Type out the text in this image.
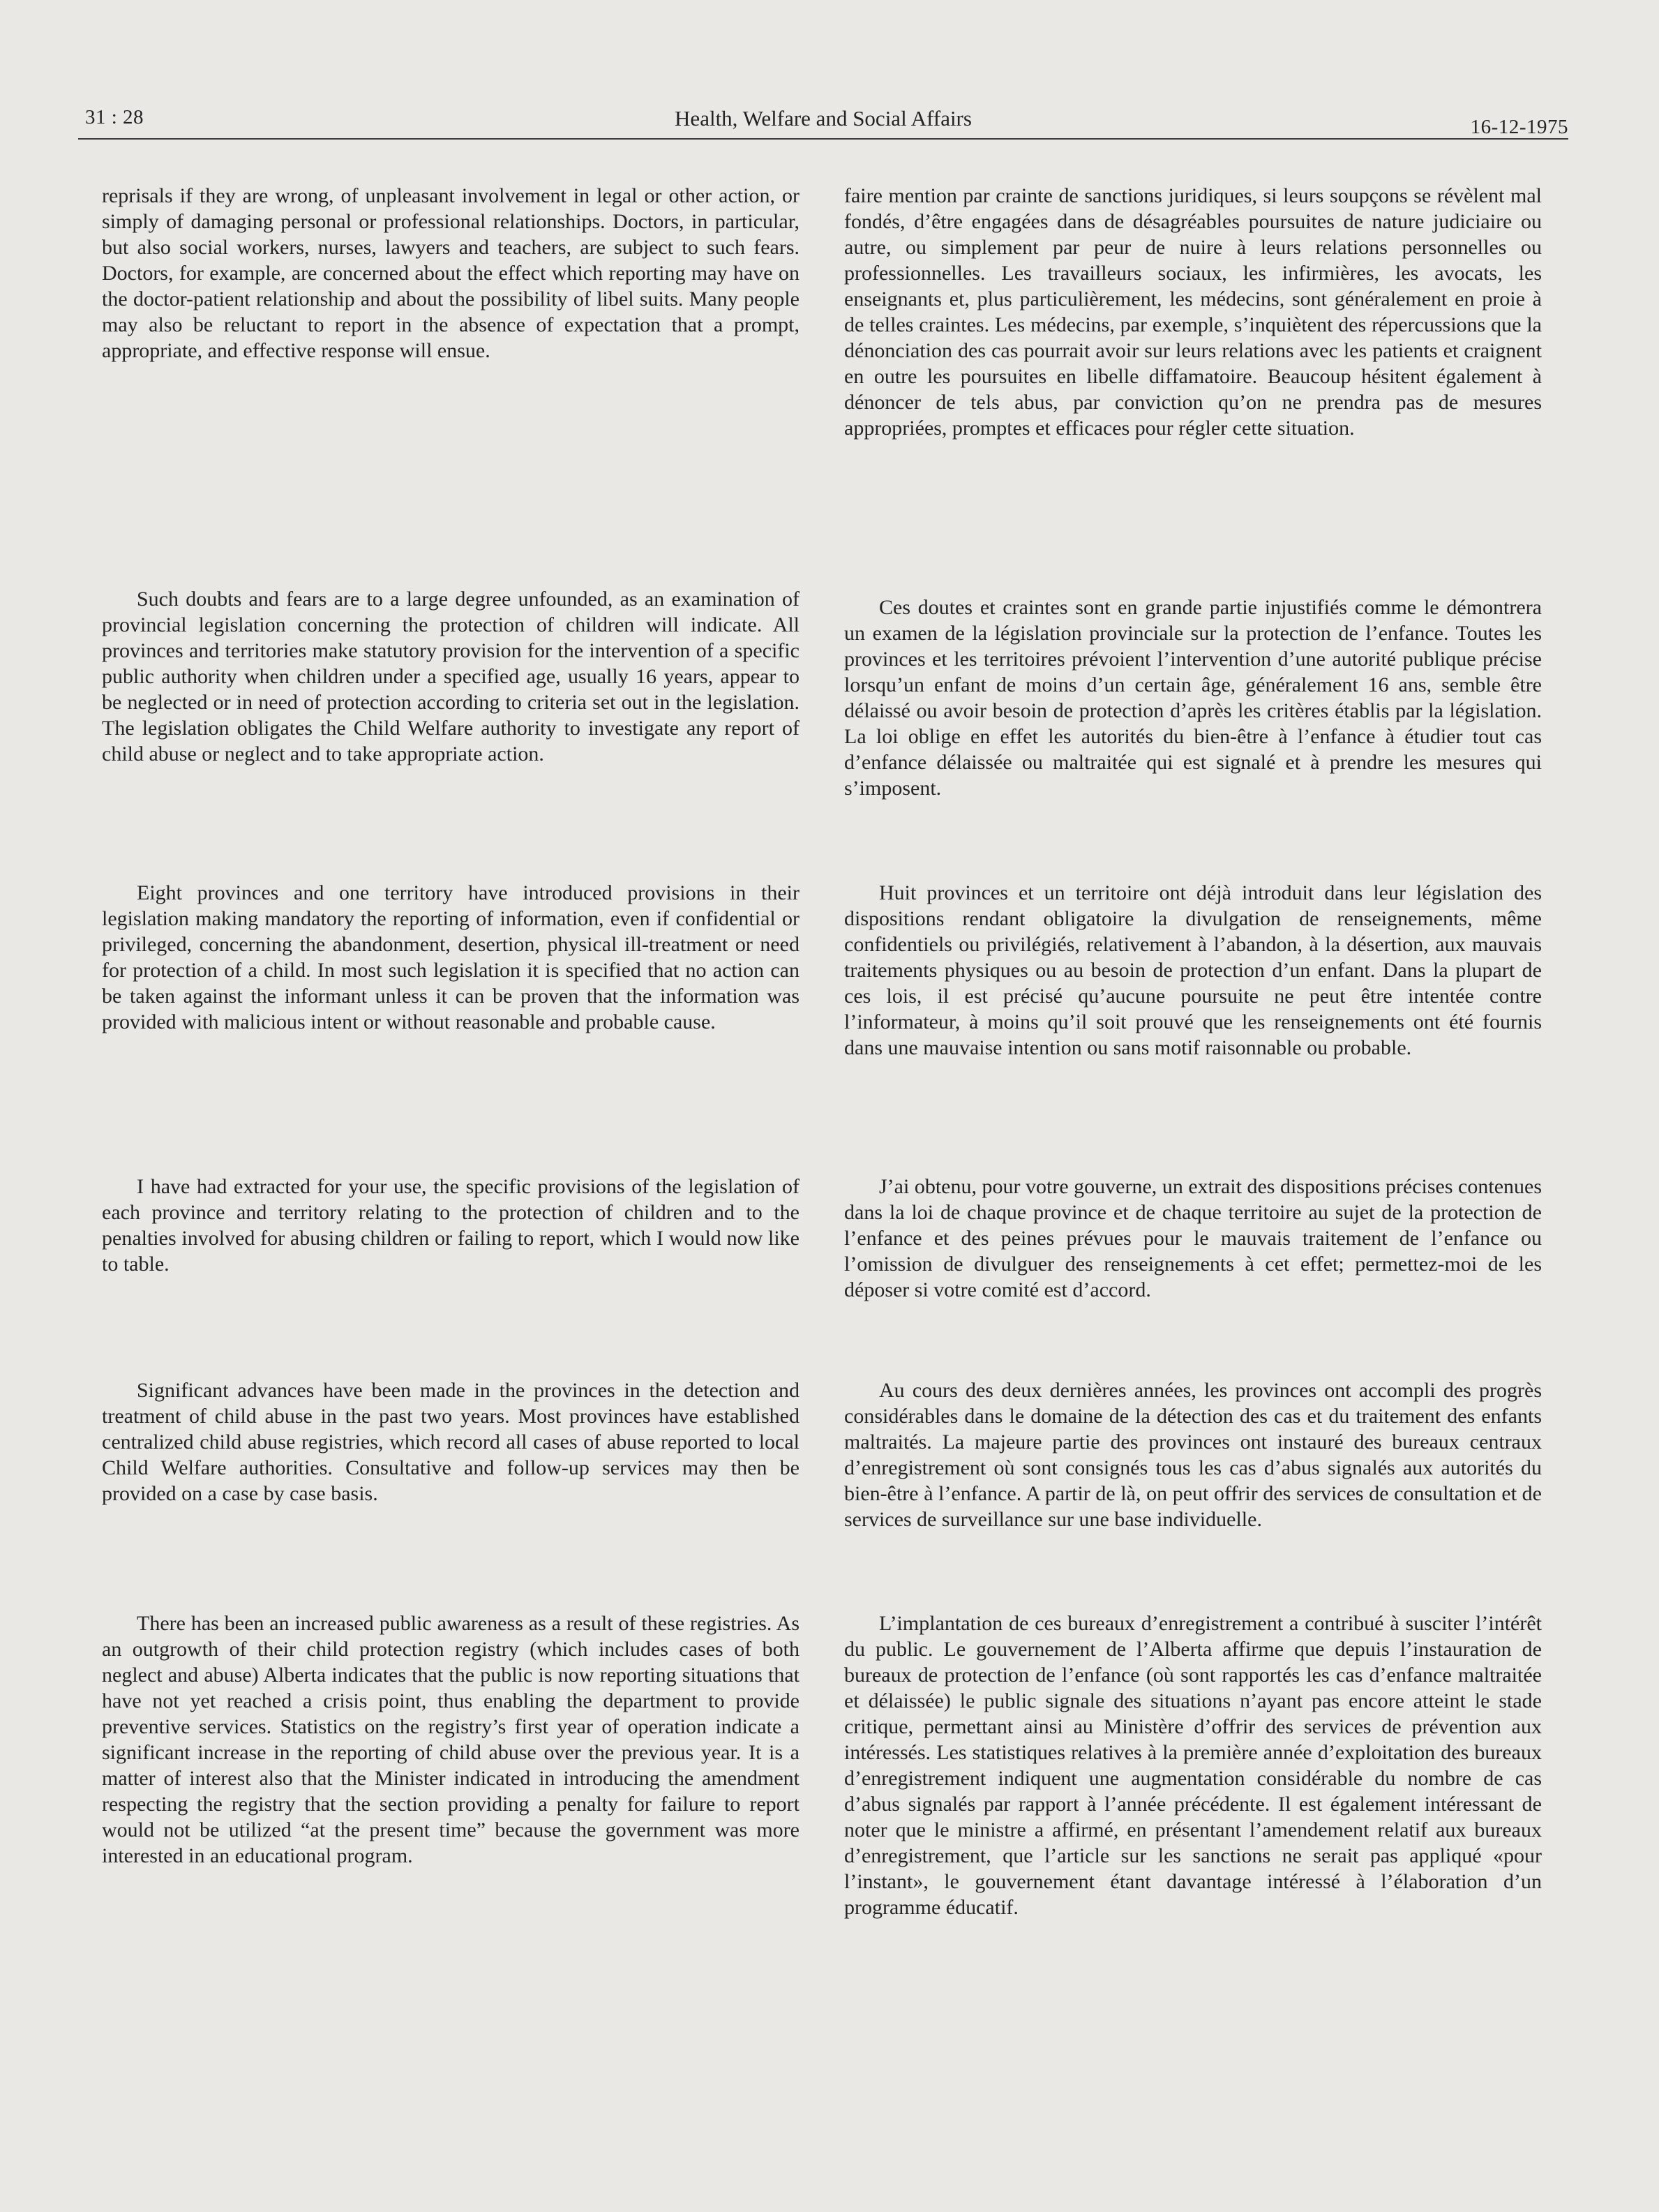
31 : 28	Health, Welfare and Social Affairs	16-12-1975

reprisals if they are wrong, of unpleasant involvement in legal or other action, or simply of damaging personal or professional relationships. Doctors, in particular, but also social workers, nurses, lawyers and teachers, are subject to such fears. Doctors, for example, are concerned about the effect which reporting may have on the doctor-patient relationship and about the possibility of libel suits. Many people may also be reluctant to report in the absence of expectation that a prompt, appropriate, and effective response will ensue.

Such doubts and fears are to a large degree unfounded, as an examination of provincial legislation concerning the protection of children will indicate. All provinces and territories make statutory provision for the intervention of a specific public authority when children under a specified age, usually 16 years, appear to be neglected or in need of protection according to criteria set out in the legislation. The legislation obligates the Child Welfare authority to investigate any report of child abuse or neglect and to take appropriate action.

Eight provinces and one territory have introduced provisions in their legislation making mandatory the reporting of information, even if confidential or privileged, concerning the abandonment, desertion, physical ill-treatment or need for protection of a child. In most such legislation it is specified that no action can be taken against the informant unless it can be proven that the information was provided with malicious intent or without reasonable and probable cause.

I have had extracted for your use, the specific provisions of the legislation of each province and territory relating to the protection of children and to the penalties involved for abusing children or failing to report, which I would now like to table.

Significant advances have been made in the provinces in the detection and treatment of child abuse in the past two years. Most provinces have established centralized child abuse registries, which record all cases of abuse reported to local Child Welfare authorities. Consultative and follow-up services may then be provided on a case by case basis.

There has been an increased public awareness as a result of these registries. As an outgrowth of their child protection registry (which includes cases of both neglect and abuse) Alberta indicates that the public is now reporting situations that have not yet reached a crisis point, thus enabling the department to provide preventive services. Statistics on the registry’s first year of operation indicate a significant increase in the reporting of child abuse over the previous year. It is a matter of interest also that the Minister indicated in introducing the amendment respecting the registry that the section providing a penalty for failure to report would not be utilized “at the present time” because the government was more interested in an educational program.

faire mention par crainte de sanctions juridiques, si leurs soupçons se révèlent mal fondés, d’être engagées dans de désagréables poursuites de nature judiciaire ou autre, ou simplement par peur de nuire à leurs relations personnelles ou professionnelles. Les travailleurs sociaux, les infirmières, les avocats, les enseignants et, plus particulièrement, les médecins, sont généralement en proie à de telles craintes. Les médecins, par exemple, s’inquiètent des répercussions que la dénonciation des cas pourrait avoir sur leurs relations avec les patients et craignent en outre les poursuites en libelle diffamatoire. Beaucoup hésitent également à dénoncer de tels abus, par conviction qu’on ne prendra pas de mesures appropriées, promptes et efficaces pour régler cette situation.

Ces doutes et craintes sont en grande partie injustifiés comme le démontrera un examen de la législation provinciale sur la protection de l’enfance. Toutes les provinces et les territoires prévoient l’intervention d’une autorité publique précise lorsqu’un enfant de moins d’un certain âge, généralement 16 ans, semble être délaissé ou avoir besoin de protection d’après les critères établis par la législation. La loi oblige en effet les autorités du bien-être à l’enfance à étudier tout cas d’enfance délaissée ou maltraitée qui est signalé et à prendre les mesures qui s’imposent.

Huit provinces et un territoire ont déjà introduit dans leur législation des dispositions rendant obligatoire la divulgation de renseignements, même confidentiels ou privilégiés, relativement à l’abandon, à la désertion, aux mauvais traitements physiques ou au besoin de protection d’un enfant. Dans la plupart de ces lois, il est précisé qu’aucune poursuite ne peut être intentée contre l’informateur, à moins qu’il soit prouvé que les renseignements ont été fournis dans une mauvaise intention ou sans motif raisonnable ou probable.

J’ai obtenu, pour votre gouverne, un extrait des dispositions précises contenues dans la loi de chaque province et de chaque territoire au sujet de la protection de l’enfance et des peines prévues pour le mauvais traitement de l’enfance ou l’omission de divulguer des renseignements à cet effet; permettez-moi de les déposer si votre comité est d’accord.

Au cours des deux dernières années, les provinces ont accompli des progrès considérables dans le domaine de la détection des cas et du traitement des enfants maltraités. La majeure partie des provinces ont instauré des bureaux centraux d’enregistrement où sont consignés tous les cas d’abus signalés aux autorités du bien-être à l’enfance. A partir de là, on peut offrir des services de consultation et de services de surveillance sur une base individuelle.

L’implantation de ces bureaux d’enregistrement a contribué à susciter l’intérêt du public. Le gouvernement de l’Alberta affirme que depuis l’instauration de bureaux de protection de l’enfance (où sont rapportés les cas d’enfance maltraitée et délaissée) le public signale des situations n’ayant pas encore atteint le stade critique, permettant ainsi au Ministère d’offrir des services de prévention aux intéressés. Les statistiques relatives à la première année d’exploitation des bureaux d’enregistrement indiquent une augmentation considérable du nombre de cas d’abus signalés par rapport à l’année précédente. Il est également intéressant de noter que le ministre a affirmé, en présentant l’amendement relatif aux bureaux d’enregistrement, que l’article sur les sanctions ne serait pas appliqué «pour l’instant», le gouvernement étant davantage intéressé à l’élaboration d’un programme éducatif.
